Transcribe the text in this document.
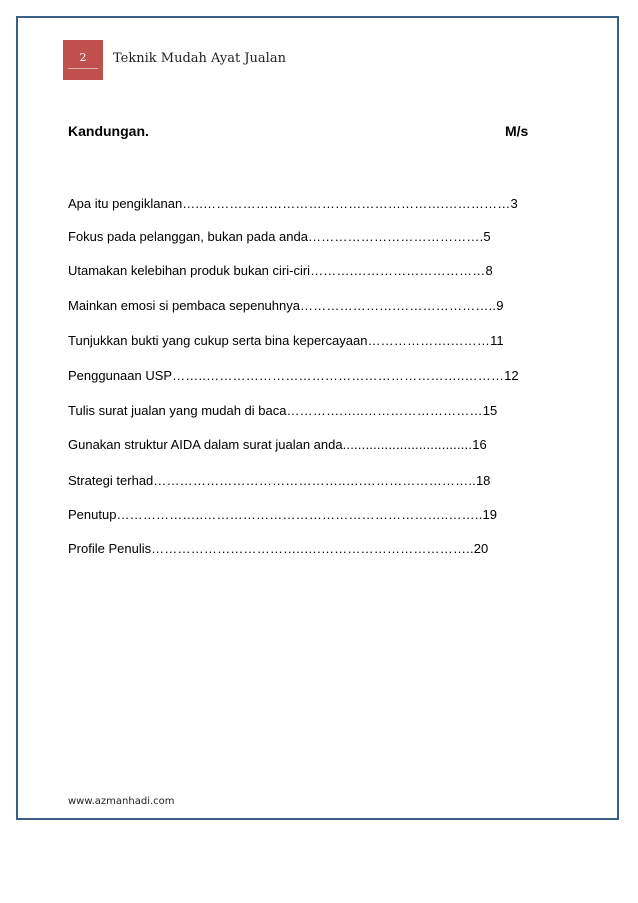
2	Teknik Mudah Ayat Jualan
Kandungan.	M/s
Apa itu pengiklanan…..……………………………………………….……………3
Fokus pada pelanggan, bukan pada anda………………………………….5
Utamakan kelebihan produk bukan ciri-ciri……….…………………………8
Mainkan emosi si pembaca sepenuhnya………………….…………………..9
Tunjukkan bukti yang cukup serta bina kepercayaan……………….………11
Penggunaan USP……..…………………………………………………..………12
Tulis surat jualan yang mudah di baca………….…..………………………15
Gunakan struktur AIDA dalam surat jualan anda..................................16
Strategi terhad……………………………………..….……………………..18
Penutup………………..………………………………………………..……..19
Profile Penulis……………………………..….……………………………..20
www.azmanhadi.com
